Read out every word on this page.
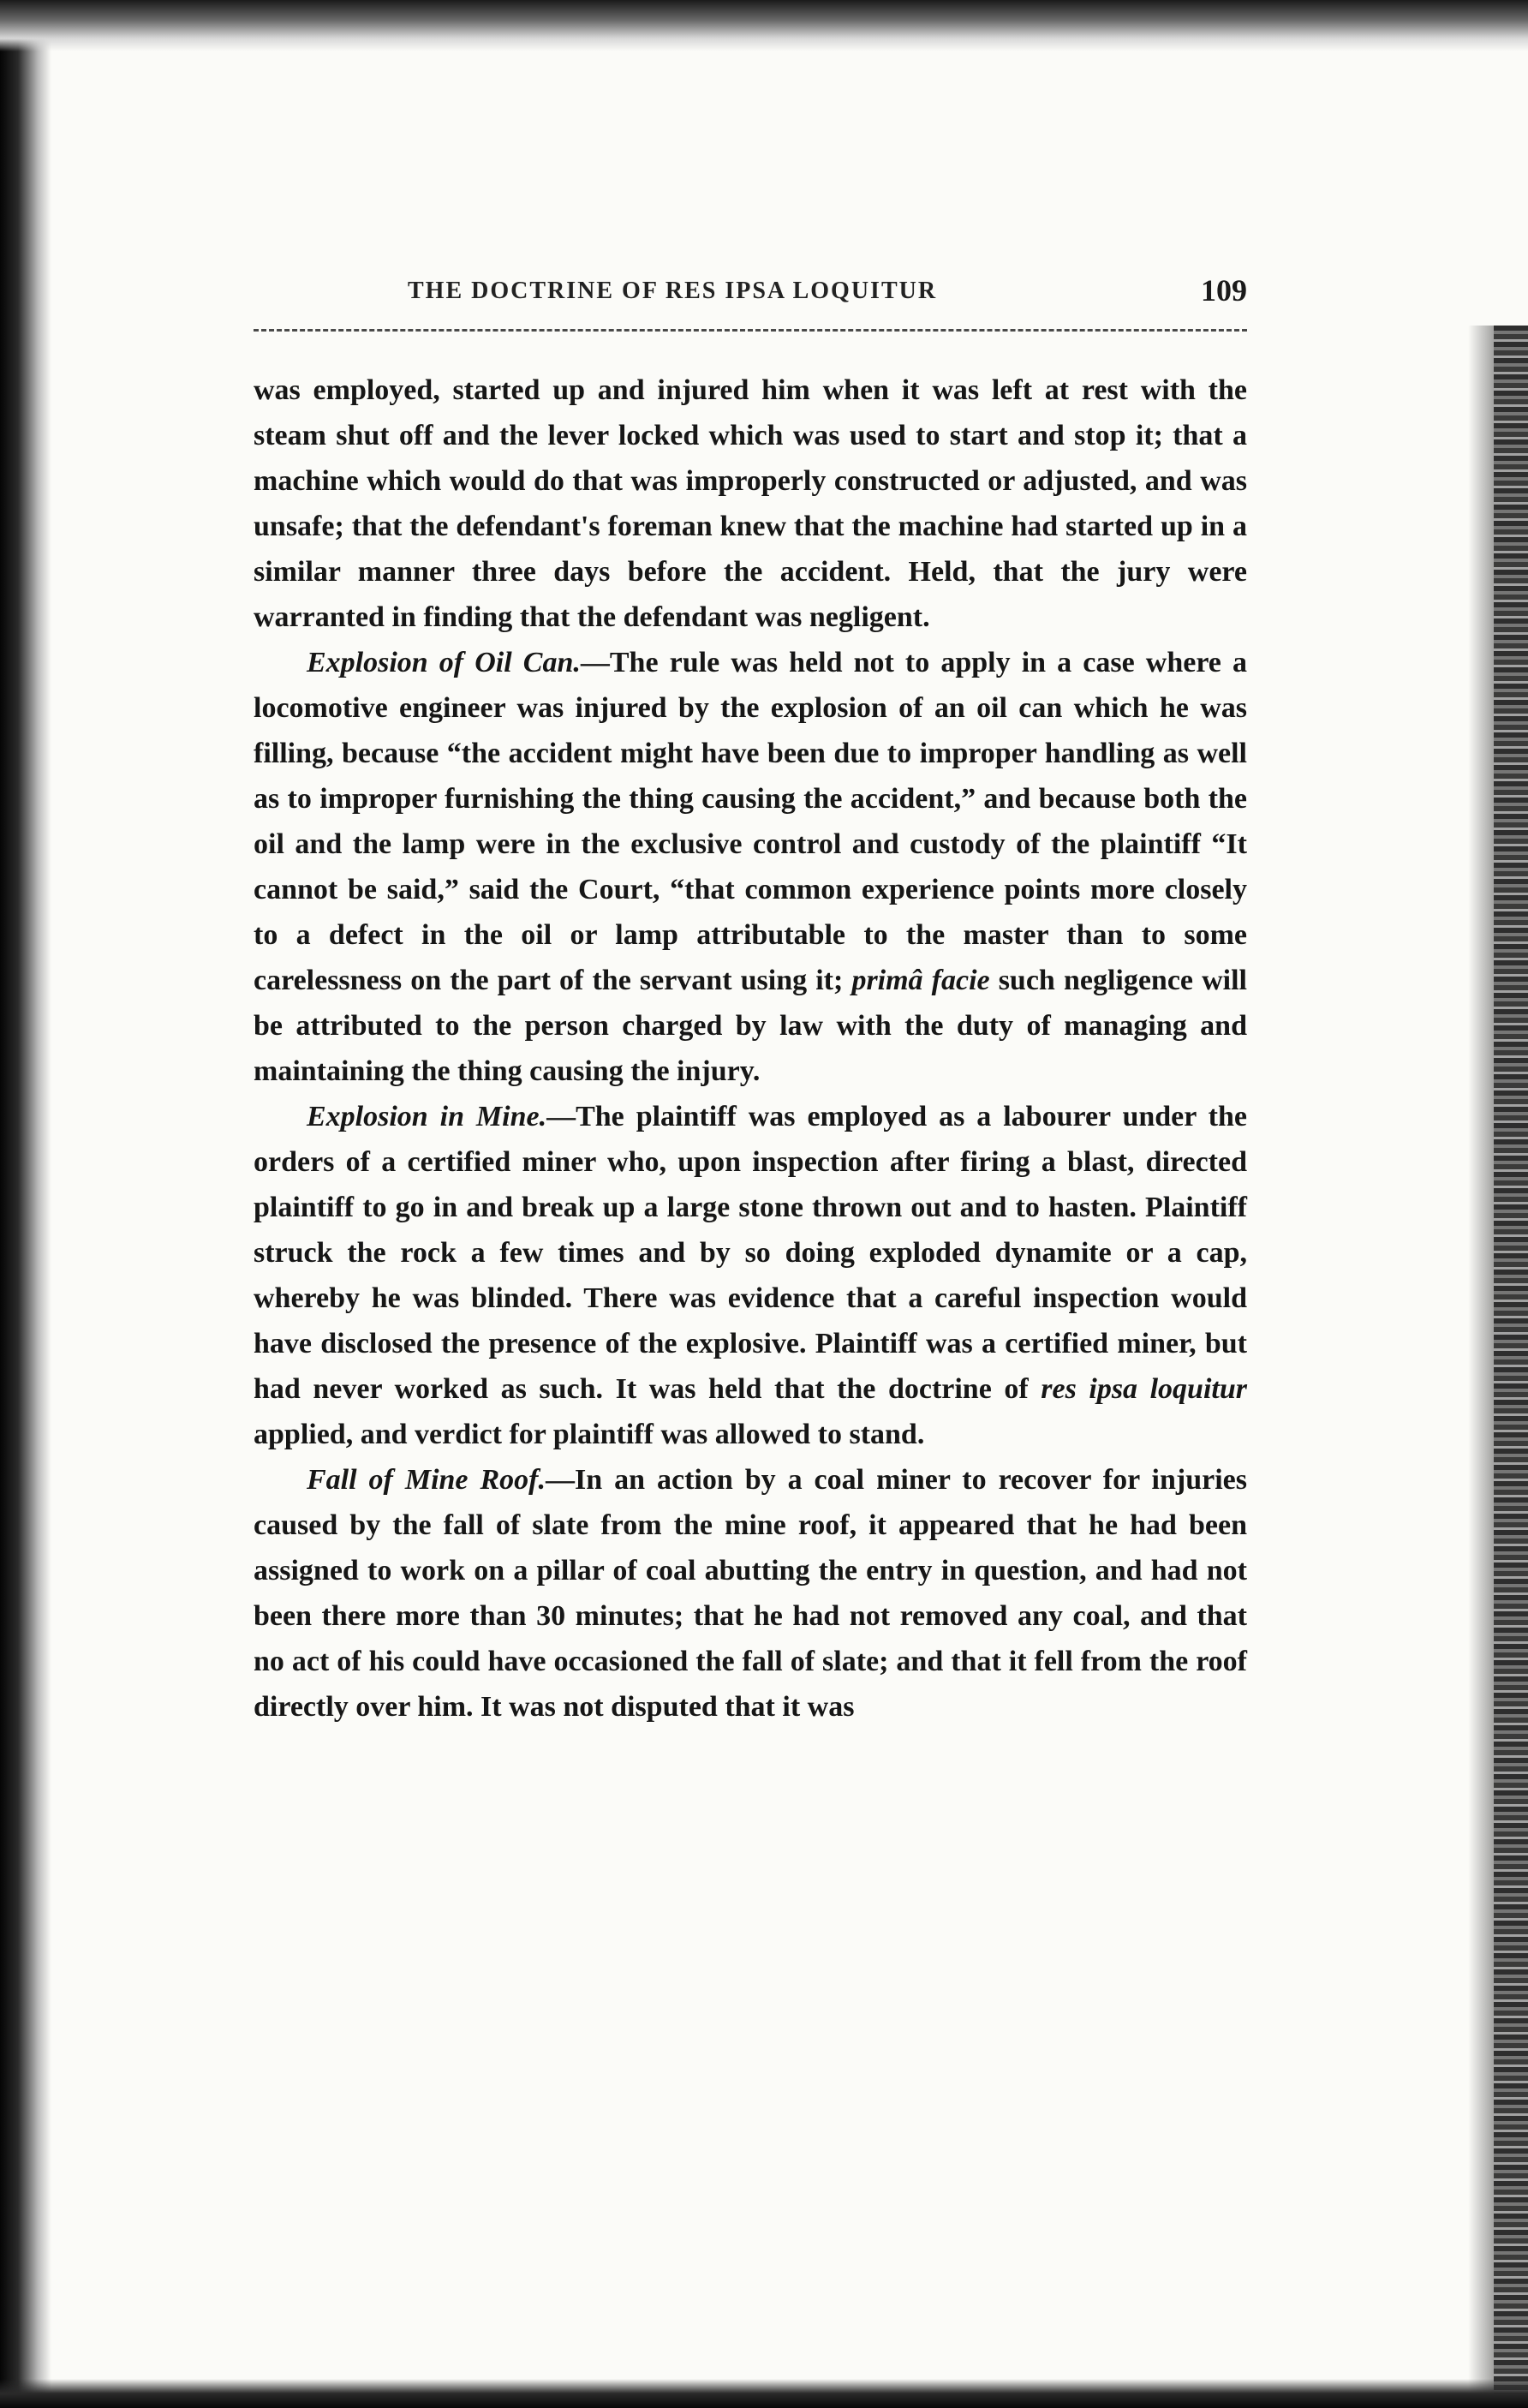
THE DOCTRINE OF RES IPSA LOQUITUR	109

was employed, started up and injured him when it was left at rest with the steam shut off and the lever locked which was used to start and stop it; that a machine which would do that was improperly constructed or adjusted, and was unsafe; that the defendant's foreman knew that the machine had started up in a similar manner three days before the accident. Held, that the jury were warranted in finding that the defendant was negligent.

Explosion of Oil Can.—The rule was held not to apply in a case where a locomotive engineer was injured by the explosion of an oil can which he was filling, because “the accident might have been due to improper handling as well as to improper furnishing the thing causing the accident,” and because both the oil and the lamp were in the exclusive control and custody of the plaintiff “It cannot be said,” said the Court, “that common experience points more closely to a defect in the oil or lamp attributable to the master than to some carelessness on the part of the servant using it; primâ facie such negligence will be attributed to the person charged by law with the duty of managing and maintaining the thing causing the injury.

Explosion in Mine.—The plaintiff was employed as a labourer under the orders of a certified miner who, upon inspection after firing a blast, directed plaintiff to go in and break up a large stone thrown out and to hasten. Plaintiff struck the rock a few times and by so doing exploded dynamite or a cap, whereby he was blinded. There was evidence that a careful inspection would have disclosed the presence of the explosive. Plaintiff was a certified miner, but had never worked as such. It was held that the doctrine of res ipsa loquitur applied, and verdict for plaintiff was allowed to stand.

Fall of Mine Roof.—In an action by a coal miner to recover for injuries caused by the fall of slate from the mine roof, it appeared that he had been assigned to work on a pillar of coal abutting the entry in question, and had not been there more than 30 minutes; that he had not removed any coal, and that no act of his could have occasioned the fall of slate; and that it fell from the roof directly over him. It was not disputed that it was
